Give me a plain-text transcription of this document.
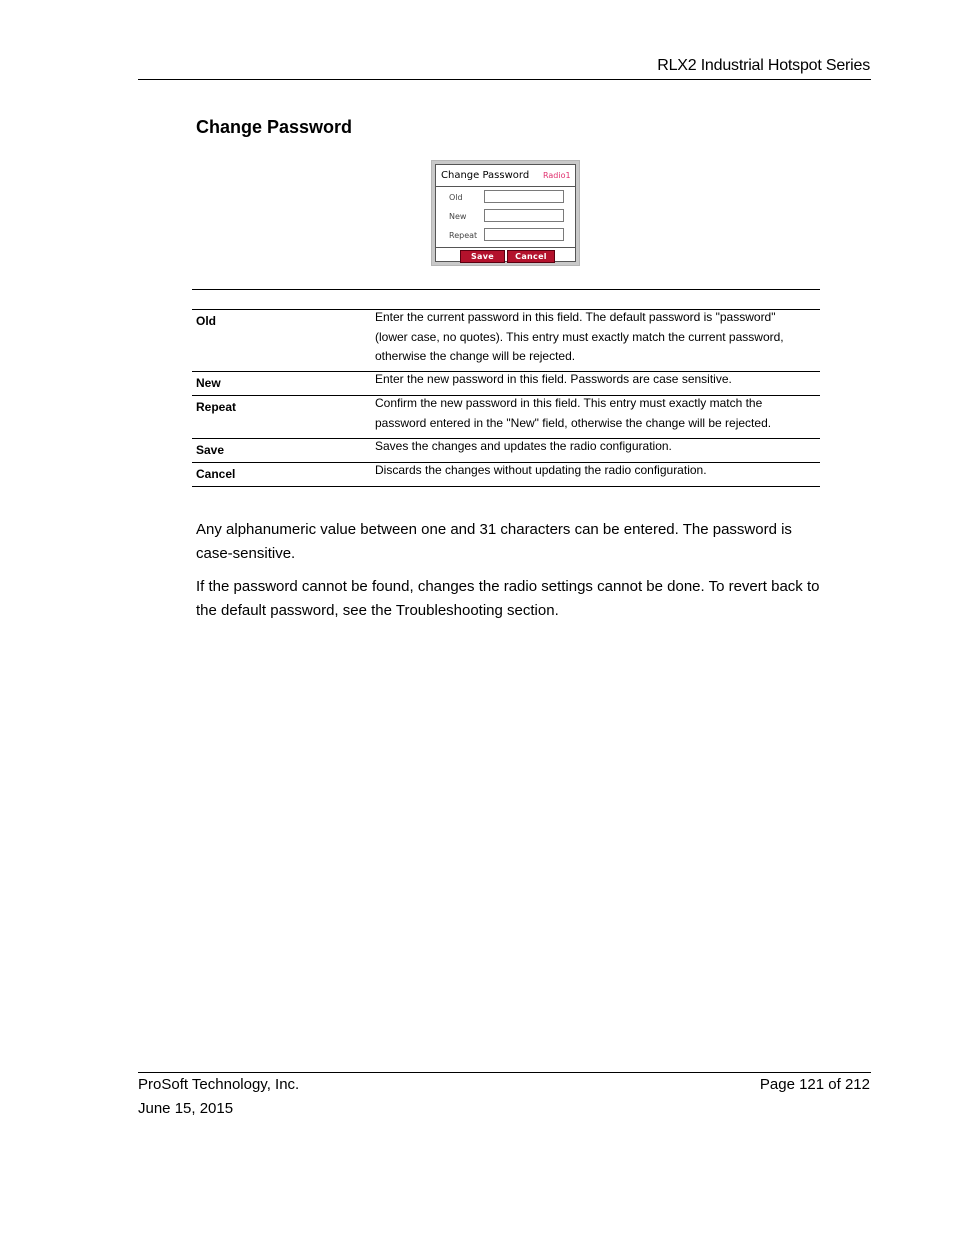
RLX2 Industrial Hotspot Series
Change Password
Change Password Radio1
Old
New
Repeat
Save	Cancel
Old	Enter the current password in this field. The default password is "password"
(lower case, no quotes). This entry must exactly match the current password,
otherwise the change will be rejected.
New	Enter the new password in this field. Passwords are case sensitive.
Repeat	Confirm the new password in this field. This entry must exactly match the
password entered in the "New" field, otherwise the change will be rejected.
Save	Saves the changes and updates the radio configuration.
Cancel	Discards the changes without updating the radio configuration.
Any alphanumeric value between one and 31 characters can be entered. The password is case-sensitive.
If the password cannot be found, changes the radio settings cannot be done. To revert back to the default password, see the Troubleshooting section.
ProSoft Technology, Inc.
June 15, 2015
Page 121 of 212
